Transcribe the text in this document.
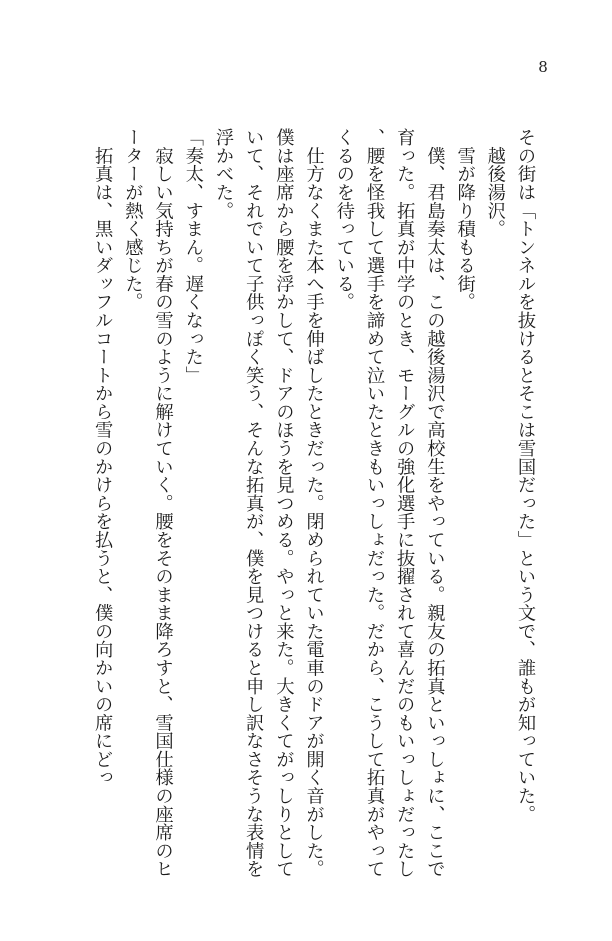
8

その街は「トンネルを抜けるとそこは雪国だった」という文で、誰もが知っていた。

　越後湯沢。

　雪が降り積もる街。

　僕、君島奏太は、この越後湯沢で高校生をやっている。親友の拓真といっしょに、ここで育った。拓真が中学のとき、モーグルの強化選手に抜擢されて喜んだのもいっしょだったし、腰を怪我して選手を諦めて泣いたときもいっしょだった。だから、こうして拓真がやってくるのを待っている。

　仕方なくまた本へ手を伸ばしたときだった。閉められていた電車のドアが開く音がした。僕は座席から腰を浮かして、ドアのほうを見つめる。やっと来た。大きくてがっしりとしていて、それでいて子供っぽく笑う、そんな拓真が、僕を見つけると申し訳なさそうな表情を浮かべた。

「奏太、すまん。遅くなった」

　寂しい気持ちが春の雪のように解けていく。腰をそのまま降ろすと、雪国仕様の座席のヒーターが熱く感じた。

　拓真は、黒いダッフルコートから雪のかけらを払うと、僕の向かいの席にどっ
